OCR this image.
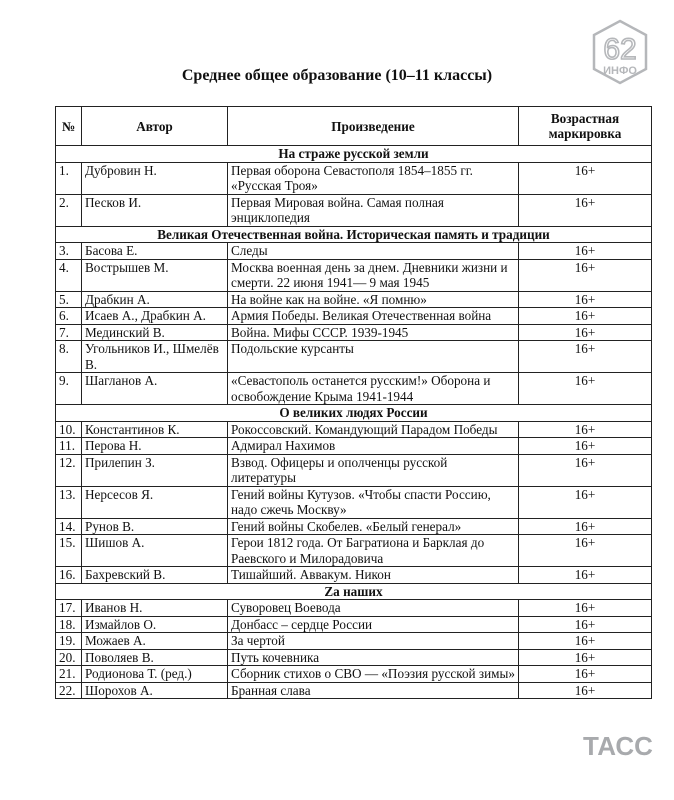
Среднее общее образование (10–11 классы)
62
ИНФО
№	Автор	Произведение	Возрастная маркировка
На страже русской земли			
1.	Дубровин Н.	Первая оборона Севастополя 1854–1855 гг. «Русская Троя»	16+
2.	Песков И.	Первая Мировая война. Самая полная энциклопедия	16+
Великая Отечественная война. Историческая память и традиции			
3.	Басова Е.	Следы	16+
4.	Вострышев М.	Москва военная день за днем. Дневники жизни и смерти. 22 июня 1941— 9 мая 1945	16+
5.	Драбкин А.	На войне как на войне. «Я помню»	16+
6.	Исаев А., Драбкин А.	Армия Победы. Великая Отечественная война	16+
7.	Мединский В.	Война. Мифы СССР. 1939-1945	16+
8.	Угольников И., Шмелёв В.	Подольские курсанты	16+
9.	Шагланов А.	«Севастополь останется русским!» Оборона и освобождение Крыма 1941-1944	16+
О великих людях России			
10.	Константинов К.	Рокоссовский. Командующий Парадом Победы	16+
11.	Перова Н.	Адмирал Нахимов	16+
12.	Прилепин З.	Взвод. Офицеры и ополченцы русской литературы	16+
13.	Нерсесов Я.	Гений войны Кутузов. «Чтобы спасти Россию, надо сжечь Москву»	16+
14.	Рунов В.	Гений войны Скобелев. «Белый генерал»	16+
15.	Шишов А.	Герои 1812 года. От Багратиона и Барклая до Раевского и Милорадовича	16+
16.	Бахревский В.	Тишайший. Аввакум. Никон	16+
Zа наших			
17.	Иванов Н.	Суворовец Воевода	16+
18.	Измайлов О.	Донбасс – сердце России	16+
19.	Можаев А.	За чертой	16+
20.	Поволяев В.	Путь кочевника	16+
21.	Родионова Т. (ред.)	Сборник стихов о СВО — «Поэзия русской зимы»	16+
22.	Шорохов А.	Бранная слава	16+
ТАСС
